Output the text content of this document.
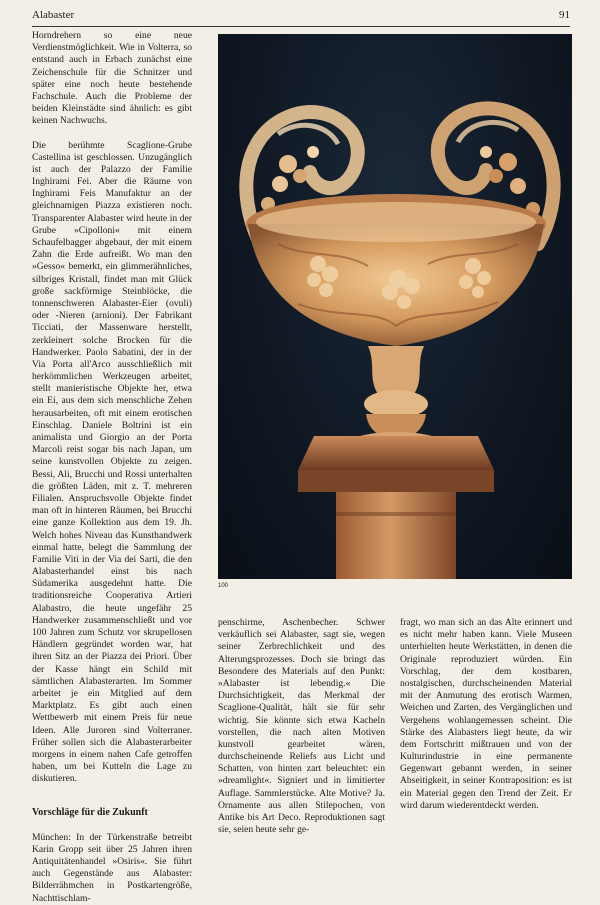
Alabaster	91

Horndrehern so eine neue Verdienstmöglichkeit. Wie in Volterra, so entstand auch in Erbach zunächst eine Zeichenschule für die Schnitzer und später eine noch heute bestehende Fachschule. Auch die Probleme der beiden Kleinstädte sind ähnlich: es gibt keinen Nachwuchs.

Die berühmte Scaglione-Grube Castellina ist geschlossen. Unzugänglich ist auch der Palazzo der Familie Inghirami Fei. Aber die Räume von Inghirami Feis Manufaktur an der gleichnamigen Piazza existieren noch. Transparenter Alabaster wird heute in der Grube »Cipolloni« mit einem Schaufelbagger abgebaut, der mit einem Zahn die Erde aufreißt. Wo man den »Gesso« bemerkt, ein glimmerähnliches, silbriges Kristall, findet man mit Glück große sackförmige Steinblöcke, die tonnenschweren Alabaster-Eier (ovuli) oder -Nieren (arnioni). Der Fabrikant Ticciati, der Massenware herstellt, zerkleinert solche Brocken für die Handwerker. Paolo Sabatini, der in der Via Porta all'Arco ausschließlich mit herkömmlichen Werkzeugen arbeitet, stellt manieristische Objekte her, etwa ein Ei, aus dem sich menschliche Zehen herausarbeiten, oft mit einem erotischen Einschlag. Daniele Boltrini ist ein animalista und Giorgio an der Porta Marcoli reist sogar bis nach Japan, um seine kunstvollen Objekte zu zeigen. Bessi, Ali, Brucchi und Rossi unterhalten die größten Läden, mit z. T. mehreren Filialen. Anspruchsvolle Objekte findet man oft in hinteren Räumen, bei Brucchi eine ganze Kollektion aus dem 19. Jh. Welch hohes Niveau das Kunsthandwerk einmal hatte, belegt die Sammlung der Familie Viti in der Via dei Sarti, die den Alabasterhandel einst bis nach Südamerika ausgedehnt hatte. Die traditionsreiche Cooperativa Artieri Alabastro, die heute ungefähr 25 Handwerker zusammenschließt und vor 100 Jahren zum Schutz vor skrupellosen Händlern gegründet worden war, hat ihren Sitz an der Piazza dei Priori. Über der Kasse hängt ein Schild mit sämtlichen Alabasterarten. Im Sommer arbeitet je ein Mitglied auf dem Marktplatz. Es gibt auch einen Wettbewerb mit einem Preis für neue Ideen. Alle Juroren sind Volterraner. Früher sollen sich die Alabasterarbeiter morgens in einem nahen Cafe getroffen haben, um bei Kutteln die Lage zu diskutieren.

Vorschläge für die Zukunft

München: In der Türkenstraße betreibt Karin Gropp seit über 25 Jahren ihren Antiquitätenhandel »Osiris«. Sie führt auch Gegenstände aus Alabaster: Bilderrähmchen in Postkartengröße, Nachttischlam-

100

penschirme, Aschenbecher. Schwer verkäuflich sei Alabaster, sagt sie, wegen seiner Zerbrechlichkeit und des Alterungsprozesses. Doch sie bringt das Besondere des Materials auf den Punkt: »Alabaster ist lebendig.« Die Durchsichtigkeit, das Merkmal der Scaglione-Qualität, hält sie für sehr wichtig. Sie könnte sich etwa Kacheln vorstellen, die nach alten Motiven kunstvoll gearbeitet wären, durchscheinende Reliefs aus Licht und Schatten, von hinten zart beleuchtet: ein »dreamlight«. Signiert und in limitierter Auflage. Sammlerstücke. Alte Motive? Ja. Ornamente aus allen Stilepochen, von Antike bis Art Deco. Reproduktionen sagt sie, seien heute sehr ge-

fragt, wo man sich an das Alte erinnert und es nicht mehr haben kann. Viele Museen unterhielten heute Werkstätten, in denen die Originale reproduziert würden. Ein Vorschlag, der dem kostbaren, nostalgischen, durchscheinenden Material mit der Anmutung des erotisch Warmen, Weichen und Zarten, des Vergänglichen und Vergehens wohlangemessen scheint. Die Stärke des Alabasters liegt heute, da wir dem Fortschritt mißtrauen und von der Kulturindustrie in eine permanente Gegenwart gebannt werden, in seiner Abseitigkeit, in seiner Kontraposition: es ist ein Material gegen den Trend der Zeit. Er wird darum wiederentdeckt werden.
